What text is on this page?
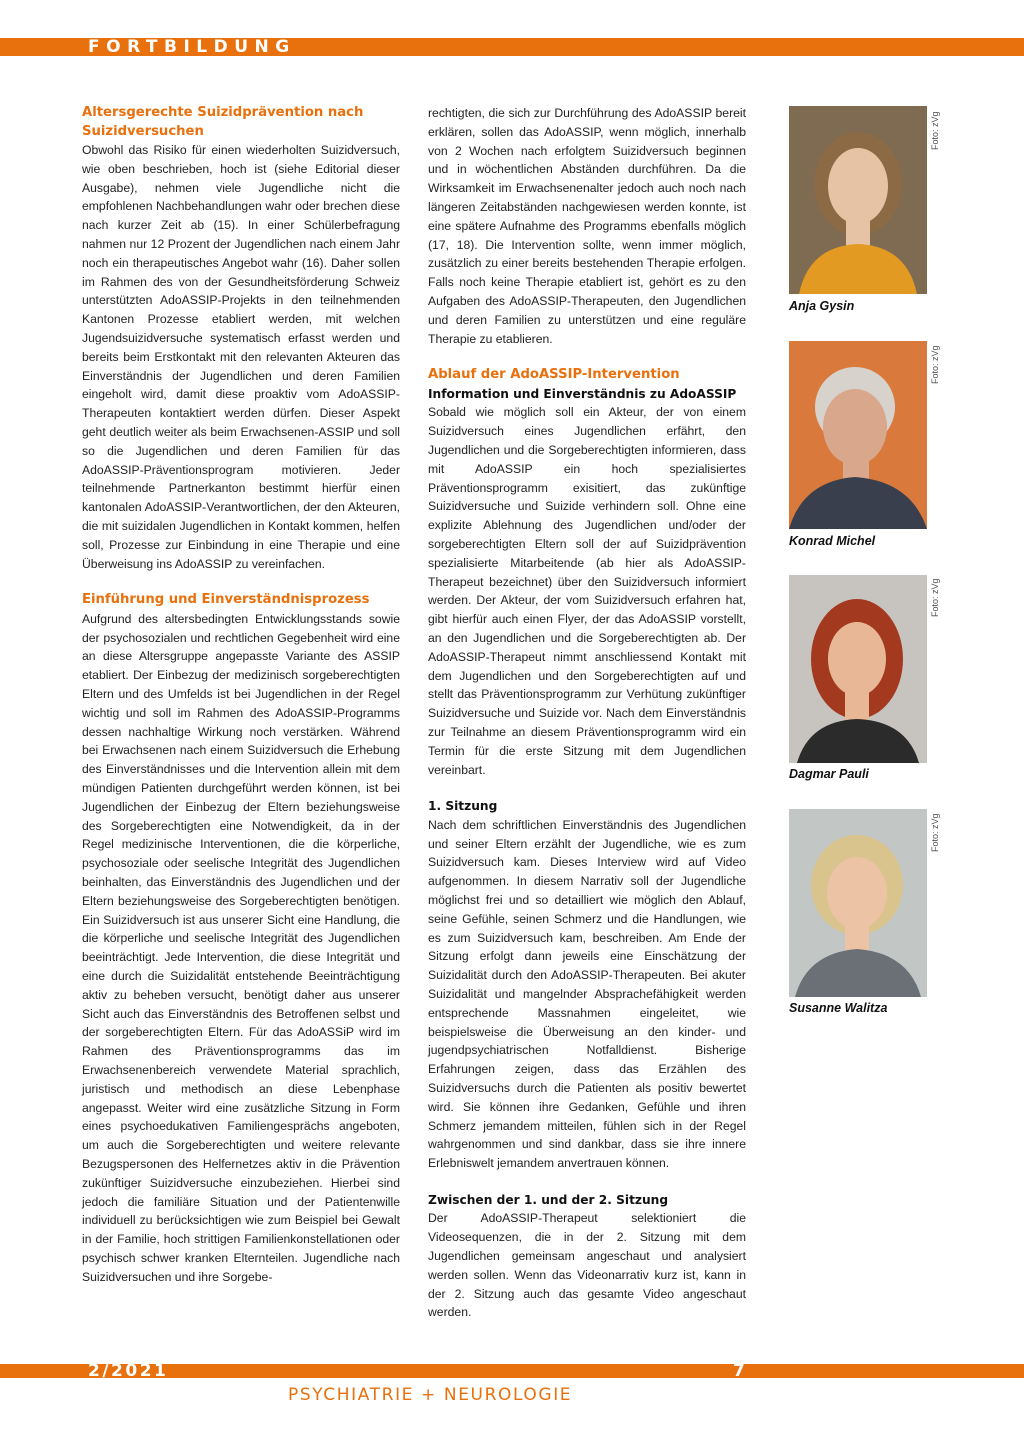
FORTBILDUNG
Altersgerechte Suizidprävention nach Suizidversuchen

Obwohl das Risiko für einen wiederholten Suizidversuch, wie oben beschrieben, hoch ist (siehe Editorial dieser Ausgabe), nehmen viele Jugendliche nicht die empfohlenen Nachbehandlungen wahr oder brechen diese nach kurzer Zeit ab (15). In einer Schülerbefragung nahmen nur 12 Prozent der Jugendlichen nach einem Jahr noch ein therapeutisches Angebot wahr (16). Daher sollen im Rahmen des von der Gesundheitsförderung Schweiz unterstützten AdoASSIP-Projekts in den teilnehmenden Kantonen Prozesse etabliert werden, mit welchen Jugendsuizidversuche systematisch erfasst werden und bereits beim Erstkontakt mit den relevanten Akteuren das Einverständnis der Jugendlichen und deren Familien eingeholt wird, damit diese proaktiv vom AdoASSIP-Therapeuten kontaktiert werden dürfen. Dieser Aspekt geht deutlich weiter als beim Erwachsenen-ASSIP und soll so die Jugendlichen und deren Familien für das AdoASSIP-Präventionsprogram motivieren. Jeder teilnehmende Partnerkanton bestimmt hierfür einen kantonalen AdoASSIP-Verantwortlichen, der den Akteuren, die mit suizidalen Jugendlichen in Kontakt kommen, helfen soll, Prozesse zur Einbindung in eine Therapie und eine Überweisung ins AdoASSIP zu vereinfachen.

Einführung und Einverständnisprozess

Aufgrund des altersbedingten Entwicklungsstands sowie der psychosozialen und rechtlichen Gegebenheit wird eine an diese Altersgruppe angepasste Variante des ASSIP etabliert. Der Einbezug der medizinisch sorgeberechtigten Eltern und des Umfelds ist bei Jugendlichen in der Regel wichtig und soll im Rahmen des AdoASSIP-Programms dessen nachhaltige Wirkung noch verstärken. Während bei Erwachsenen nach einem Suizidversuch die Erhebung des Einverständnisses und die Intervention allein mit dem mündigen Patienten durchgeführt werden können, ist bei Jugendlichen der Einbezug der Eltern beziehungsweise des Sorgeberechtigten eine Notwendigkeit, da in der Regel medizinische Interventionen, die die körperliche, psychosoziale oder seelische Integrität des Jugendlichen beinhalten, das Einverständnis des Jugendlichen und der Eltern beziehungsweise des Sorgeberechtigten benötigen. Ein Suizidversuch ist aus unserer Sicht eine Handlung, die die körperliche und seelische Integrität des Jugendlichen beeinträchtigt. Jede Intervention, die diese Integrität und eine durch die Suizidalität entstehende Beeinträchtigung aktiv zu beheben versucht, benötigt daher aus unserer Sicht auch das Einverständnis des Betroffenen selbst und der sorgeberechtigten Eltern. Für das AdoASSiP wird im Rahmen des Präventionsprogramms das im Erwachsenenbereich verwendete Material sprachlich, juristisch und methodisch an diese Lebenphase angepasst. Weiter wird eine zusätzliche Sitzung in Form eines psychoedukativen Familiengesprächs angeboten, um auch die Sorgeberechtigten und weitere relevante Bezugspersonen des Helfernetzes aktiv in die Prävention zukünftiger Suizidversuche einzubeziehen. Hierbei sind jedoch die familiäre Situation und der Patientenwille individuell zu berücksichtigen wie zum Beispiel bei Gewalt in der Familie, hoch strittigen Familienkonstellationen oder psychisch schwer kranken Elternteilen. Jugendliche nach Suizidversuchen und ihre Sorgebe-

rechtigten, die sich zur Durchführung des AdoASSIP bereit erklären, sollen das AdoASSIP, wenn möglich, innerhalb von 2 Wochen nach erfolgtem Suizidversuch beginnen und in wöchentlichen Abständen durchführen. Da die Wirksamkeit im Erwachsenenalter jedoch auch noch nach längeren Zeitabständen nachgewiesen werden konnte, ist eine spätere Aufnahme des Programms ebenfalls möglich (17, 18). Die Intervention sollte, wenn immer möglich, zusätzlich zu einer bereits bestehenden Therapie erfolgen. Falls noch keine Therapie etabliert ist, gehört es zu den Aufgaben des AdoASSIP-Therapeuten, den Jugendlichen und deren Familien zu unterstützen und eine reguläre Therapie zu etablieren.

Ablauf der AdoASSIP-Intervention
Information und Einverständnis zu AdoASSIP

Sobald wie möglich soll ein Akteur, der von einem Suizidversuch eines Jugendlichen erfährt, den Jugendlichen und die Sorgeberechtigten informieren, dass mit AdoASSIP ein hoch spezialisiertes Präventionsprogramm exisitiert, das zukünftige Suizidversuche und Suizide verhindern soll. Ohne eine explizite Ablehnung des Jugendlichen und/oder der sorgeberechtigten Eltern soll der auf Suizidprävention spezialisierte Mitarbeitende (ab hier als AdoASSIP-Therapeut bezeichnet) über den Suizidversuch informiert werden. Der Akteur, der vom Suizidversuch erfahren hat, gibt hierfür auch einen Flyer, der das AdoASSIP vorstellt, an den Jugendlichen und die Sorgeberechtigten ab. Der AdoASSIP-Therapeut nimmt anschliessend Kontakt mit dem Jugendlichen und den Sorgeberechtigten auf und stellt das Präventionsprogramm zur Verhütung zukünftiger Suizidversuche und Suizide vor. Nach dem Einverständnis zur Teilnahme an diesem Präventionsprogramm wird ein Termin für die erste Sitzung mit dem Jugendlichen vereinbart.

1. Sitzung

Nach dem schriftlichen Einverständnis des Jugendlichen und seiner Eltern erzählt der Jugendliche, wie es zum Suizidversuch kam. Dieses Interview wird auf Video aufgenommen. In diesem Narrativ soll der Jugendliche möglichst frei und so detailliert wie möglich den Ablauf, seine Gefühle, seinen Schmerz und die Handlungen, wie es zum Suizidversuch kam, beschreiben. Am Ende der Sitzung erfolgt dann jeweils eine Einschätzung der Suizidalität durch den AdoASSIP-Therapeuten. Bei akuter Suizidalität und mangelnder Absprachefähigkeit werden entsprechende Massnahmen eingeleitet, wie beispielsweise die Überweisung an den kinder- und jugendpsychiatrischen Notfalldienst. Bisherige Erfahrungen zeigen, dass das Erzählen des Suizidversuchs durch die Patienten als positiv bewertet wird. Sie können ihre Gedanken, Gefühle und ihren Schmerz jemandem mitteilen, fühlen sich in der Regel wahrgenommen und sind dankbar, dass sie ihre innere Erlebniswelt jemandem anvertrauen können.

Zwischen der 1. und der 2. Sitzung

Der AdoASSIP-Therapeut selektioniert die Videosequenzen, die in der 2. Sitzung mit dem Jugendlichen gemeinsam angeschaut und analysiert werden sollen. Wenn das Videonarrativ kurz ist, kann in der 2. Sitzung auch das gesamte Video angeschaut werden.

Foto: zVg
Anja Gysin
Foto: zVg
Konrad Michel
Foto: zVg
Dagmar Pauli
Foto: zVg
Susanne Walitza
2/2021	7
PSYCHIATRIE + NEUROLOGIE
